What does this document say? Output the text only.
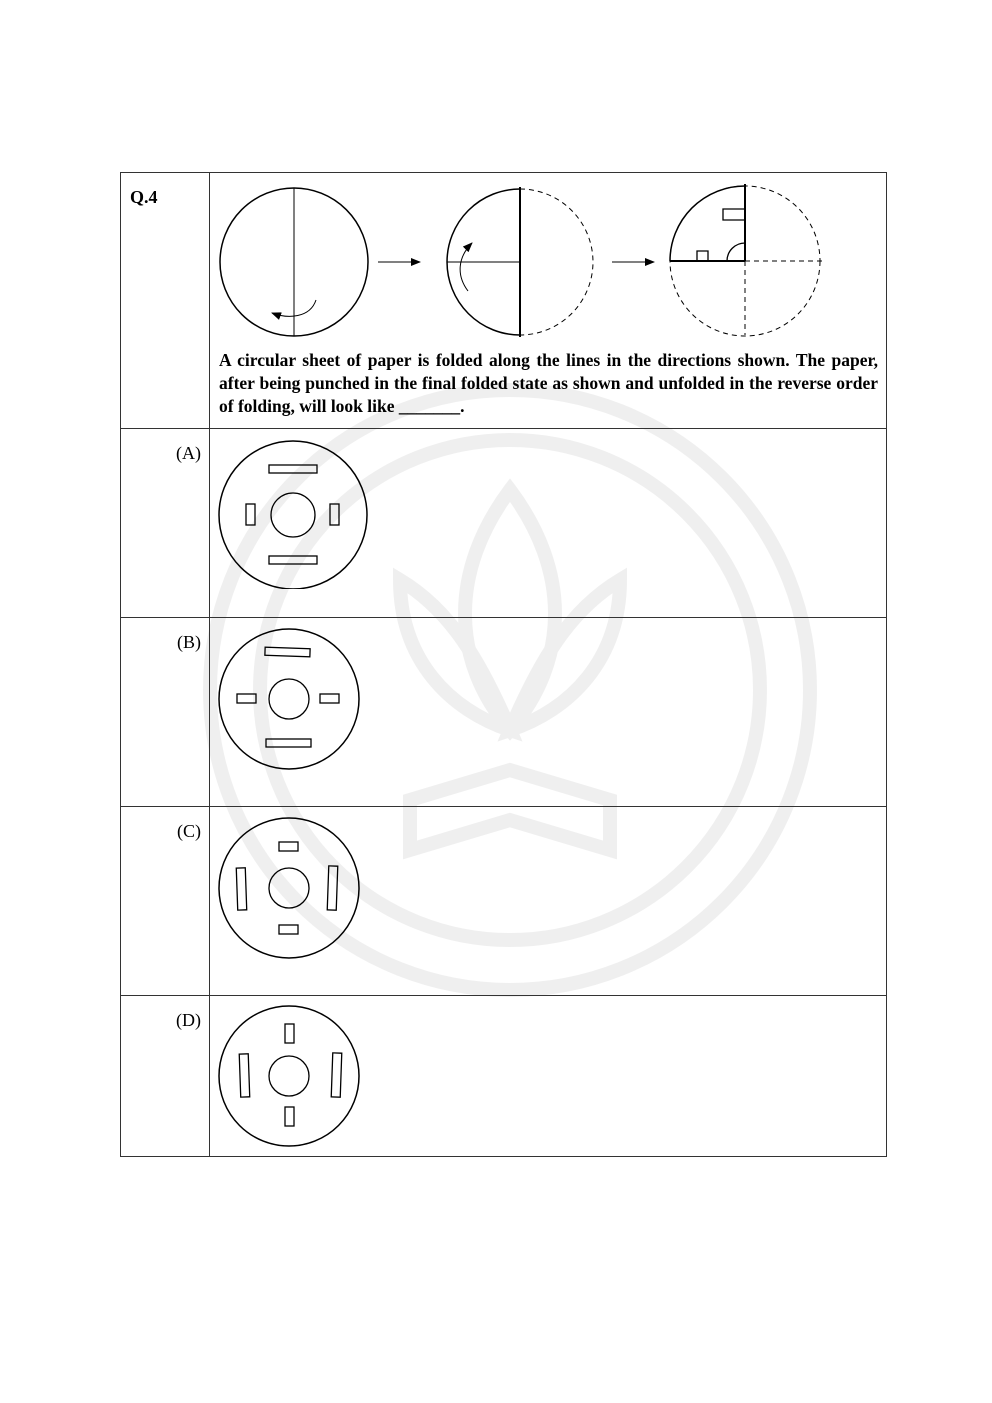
Q.4	A circular sheet of paper is folded along the lines in the directions shown. The paper, after being punched in the final folded state as shown and unfolded in the reverse order of folding, will look like _______.

(A)

(B)

(C)

(D)
